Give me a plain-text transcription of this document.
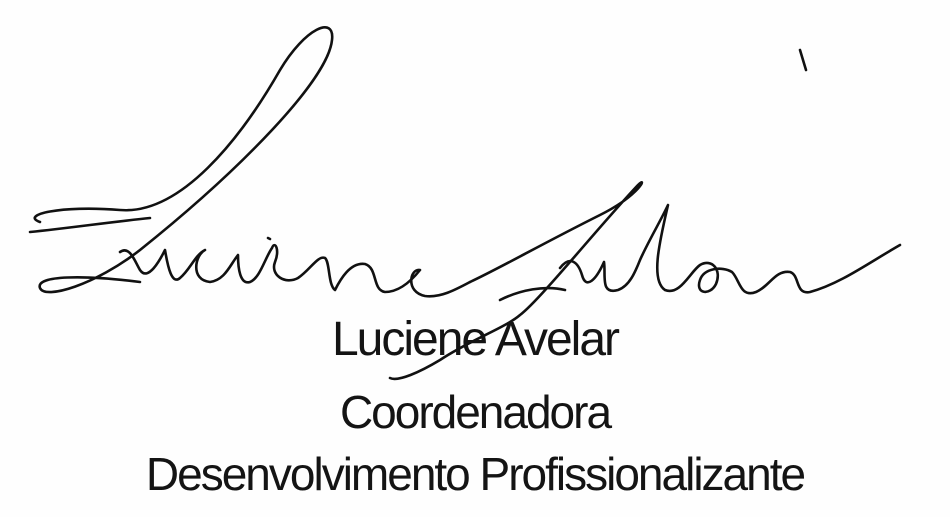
Luciene Avelar
Coordenadora
Desenvolvimento Profissionalizante
